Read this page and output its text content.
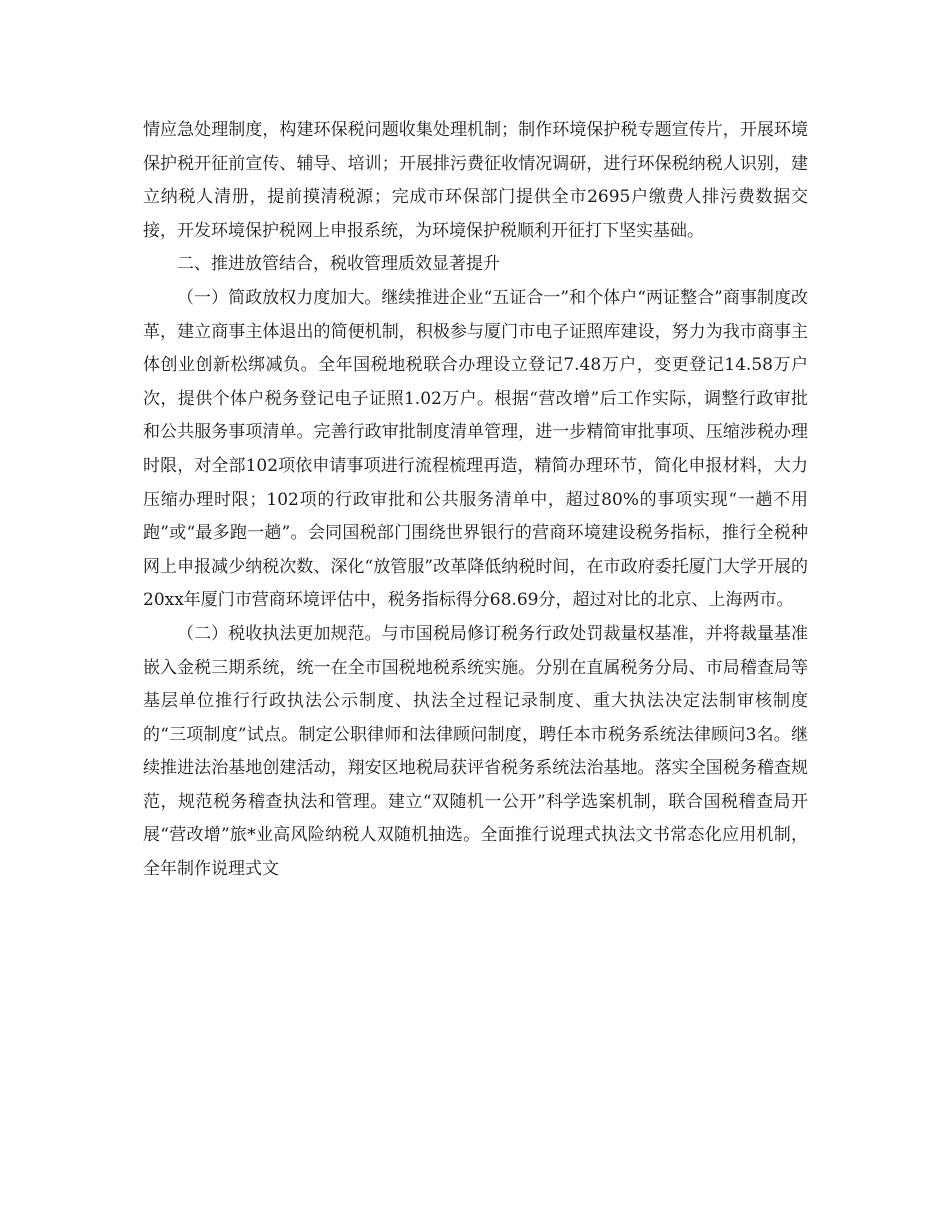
情应急处理制度，构建环保税问题收集处理机制；制作环境保护税专题宣传片，开展环境保护税开征前宣传、辅导、培训；开展排污费征收情况调研，进行环保税纳税人识别，建立纳税人清册，提前摸清税源；完成市环保部门提供全市2695户缴费人排污费数据交接，开发环境保护税网上申报系统，为环境保护税顺利开征打下坚实基础。

二、推进放管结合，税收管理质效显著提升

（一）简政放权力度加大。继续推进企业“五证合一”和个体户“两证整合”商事制度改革，建立商事主体退出的简便机制，积极参与厦门市电子证照库建设，努力为我市商事主体创业创新松绑减负。全年国税地税联合办理设立登记7.48万户，变更登记14.58万户次，提供个体户税务登记电子证照1.02万户。根据“营改增”后工作实际，调整行政审批和公共服务事项清单。完善行政审批制度清单管理，进一步精简审批事项、压缩涉税办理时限，对全部102项依申请事项进行流程梳理再造，精简办理环节，简化申报材料，大力压缩办理时限；102项的行政审批和公共服务清单中，超过80%的事项实现“一趟不用跑”或“最多跑一趟”。会同国税部门围绕世界银行的营商环境建设税务指标，推行全税种网上申报减少纳税次数、深化“放管服”改革降低纳税时间，在市政府委托厦门大学开展的20xx年厦门市营商环境评估中，税务指标得分68.69分，超过对比的北京、上海两市。

（二）税收执法更加规范。与市国税局修订税务行政处罚裁量权基准，并将裁量基准嵌入金税三期系统，统一在全市国税地税系统实施。分别在直属税务分局、市局稽查局等基层单位推行行政执法公示制度、执法全过程记录制度、重大执法决定法制审核制度的“三项制度”试点。制定公职律师和法律顾问制度，聘任本市税务系统法律顾问3名。继续推进法治基地创建活动，翔安区地税局获评省税务系统法治基地。落实全国税务稽查规范，规范税务稽查执法和管理。建立“双随机一公开”科学选案机制，联合国税稽查局开展“营改增”旅*业高风险纳税人双随机抽选。全面推行说理式执法文书常态化应用机制，全年制作说理式文
